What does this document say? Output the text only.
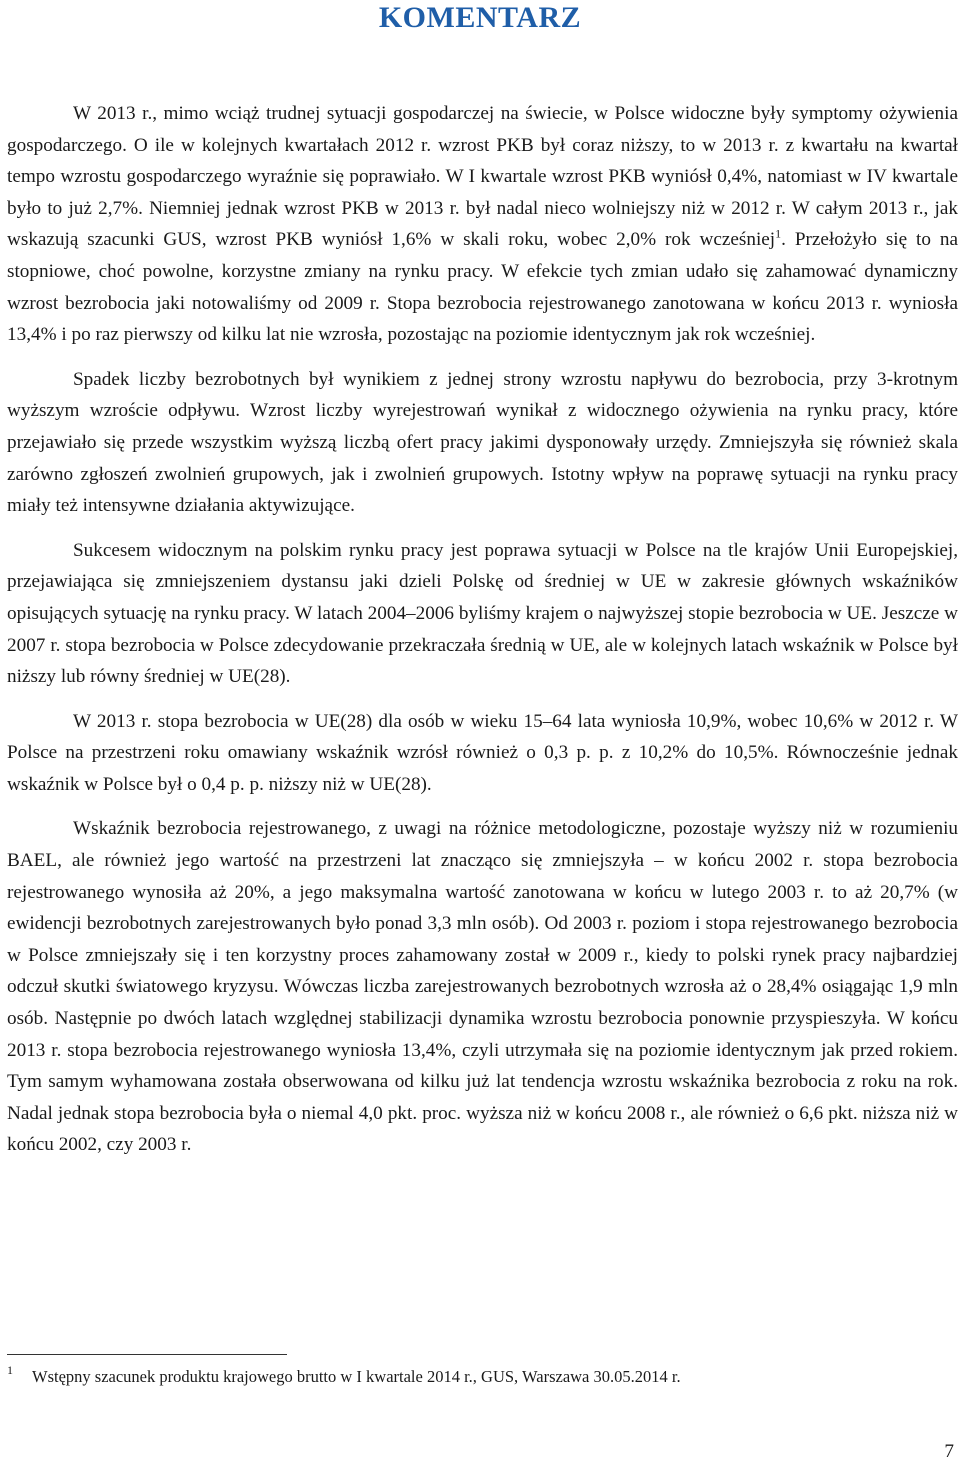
KOMENTARZ

W 2013 r., mimo wciąż trudnej sytuacji gospodarczej na świecie, w Polsce widoczne były symptomy ożywienia gospodarczego. O ile w kolejnych kwartałach 2012 r. wzrost PKB był coraz niższy, to w 2013 r. z kwartału na kwartał tempo wzrostu gospodarczego wyraźnie się poprawiało. W I kwartale wzrost PKB wyniósł 0,4%, natomiast w IV kwartale było to już 2,7%. Niemniej jednak wzrost PKB w 2013 r. był nadal nieco wolniejszy niż w 2012 r. W całym 2013 r., jak wskazują szacunki GUS, wzrost PKB wyniósł 1,6% w skali roku, wobec 2,0% rok wcześniej$^1$. Przełożyło się to na stopniowe, choć powolne, korzystne zmiany na rynku pracy. W efekcie tych zmian udało się zahamować dynamiczny wzrost bezrobocia jaki notowaliśmy od 2009 r. Stopa bezrobocia rejestrowanego zanotowana w końcu 2013 r. wyniosła 13,4% i po raz pierwszy od kilku lat nie wzrosła, pozostając na poziomie identycznym jak rok wcześniej.

Spadek liczby bezrobotnych był wynikiem z jednej strony wzrostu napływu do bezrobocia, przy 3-krotnym wyższym wzroście odpływu. Wzrost liczby wyrejestrowań wynikał z widocznego ożywienia na rynku pracy, które przejawiało się przede wszystkim wyższą liczbą ofert pracy jakimi dysponowały urzędy. Zmniejszyła się również skala zarówno zgłoszeń zwolnień grupowych, jak i zwolnień grupowych. Istotny wpływ na poprawę sytuacji na rynku pracy miały też intensywne działania aktywizujące.

Sukcesem widocznym na polskim rynku pracy jest poprawa sytuacji w Polsce na tle krajów Unii Europejskiej, przejawiająca się zmniejszeniem dystansu jaki dzieli Polskę od średniej w UE w zakresie głównych wskaźników opisujących sytuację na rynku pracy. W latach 2004–2006 byliśmy krajem o najwyższej stopie bezrobocia w UE. Jeszcze w 2007 r. stopa bezrobocia w Polsce zdecydowanie przekraczała średnią w UE, ale w kolejnych latach wskaźnik w Polsce był niższy lub równy średniej w UE(28).

W 2013 r. stopa bezrobocia w UE(28) dla osób w wieku 15–64 lata wyniosła 10,9%, wobec 10,6% w 2012 r. W Polsce na przestrzeni roku omawiany wskaźnik wzrósł również o 0,3 p. p. z 10,2% do 10,5%. Równocześnie jednak wskaźnik w Polsce był o 0,4 p. p. niższy niż w UE(28).

Wskaźnik bezrobocia rejestrowanego, z uwagi na różnice metodologiczne, pozostaje wyższy niż w rozumieniu BAEL, ale również jego wartość na przestrzeni lat znacząco się zmniejszyła – w końcu 2002 r. stopa bezrobocia rejestrowanego wynosiła aż 20%, a jego maksymalna wartość zanotowana w końcu w lutego 2003 r. to aż 20,7% (w ewidencji bezrobotnych zarejestrowanych było ponad 3,3 mln osób). Od 2003 r. poziom i stopa rejestrowanego bezrobocia w Polsce zmniejszały się i ten korzystny proces zahamowany został w 2009 r., kiedy to polski rynek pracy najbardziej odczuł skutki światowego kryzysu. Wówczas liczba zarejestrowanych bezrobotnych wzrosła aż o 28,4% osiągając 1,9 mln osób. Następnie po dwóch latach względnej stabilizacji dynamika wzrostu bezrobocia ponownie przyspieszyła. W końcu 2013 r. stopa bezrobocia rejestrowanego wyniosła 13,4%, czyli utrzymała się na poziomie identycznym jak przed rokiem. Tym samym wyhamowana została obserwowana od kilku już lat tendencja wzrostu wskaźnika bezrobocia z roku na rok. Nadal jednak stopa bezrobocia była o niemal 4,0 pkt. proc. wyższa niż w końcu 2008 r., ale również o 6,6 pkt. niższa niż w końcu 2002, czy 2003 r.

1 Wstępny szacunek produktu krajowego brutto w I kwartale 2014 r., GUS, Warszawa 30.05.2014 r.
7
